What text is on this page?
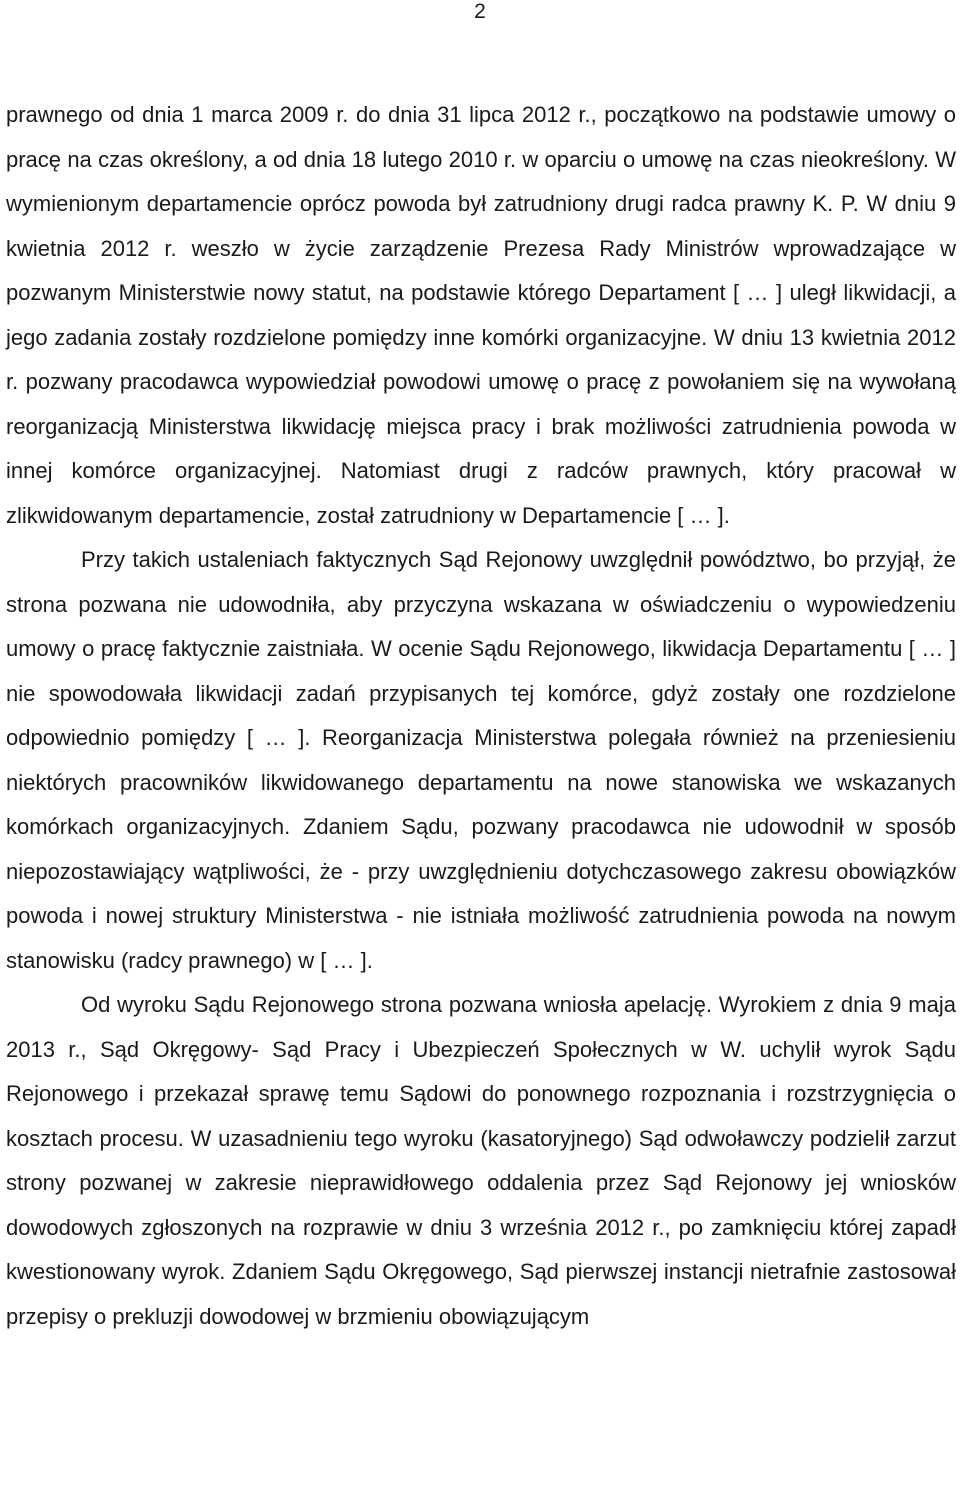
2

prawnego od dnia 1 marca 2009 r. do dnia 31 lipca 2012 r., początkowo na podstawie umowy o pracę na czas określony, a od dnia 18 lutego 2010 r. w oparciu o umowę na czas nieokreślony. W wymienionym departamencie oprócz powoda był zatrudniony drugi radca prawny K. P. W dniu 9 kwietnia 2012 r. weszło w życie zarządzenie Prezesa Rady Ministrów wprowadzające w pozwanym Ministerstwie nowy statut, na podstawie którego Departament [ … ] uległ likwidacji, a jego zadania zostały rozdzielone pomiędzy inne komórki organizacyjne. W dniu 13 kwietnia 2012 r. pozwany pracodawca wypowiedział powodowi umowę o pracę z powołaniem się na wywołaną reorganizacją Ministerstwa likwidację miejsca pracy i brak możliwości zatrudnienia powoda w innej komórce organizacyjnej. Natomiast drugi z radców prawnych, który pracował w zlikwidowanym departamencie, został zatrudniony w Departamencie [ … ].

Przy takich ustaleniach faktycznych Sąd Rejonowy uwzględnił powództwo, bo przyjął, że strona pozwana nie udowodniła, aby przyczyna wskazana w oświadczeniu o wypowiedzeniu umowy o pracę faktycznie zaistniała. W ocenie Sądu Rejonowego, likwidacja Departamentu [ … ] nie spowodowała likwidacji zadań przypisanych tej komórce, gdyż zostały one rozdzielone odpowiednio pomiędzy [ … ]. Reorganizacja Ministerstwa polegała również na przeniesieniu niektórych pracowników likwidowanego departamentu na nowe stanowiska we wskazanych komórkach organizacyjnych. Zdaniem Sądu, pozwany pracodawca nie udowodnił w sposób niepozostawiający wątpliwości, że - przy uwzględnieniu dotychczasowego zakresu obowiązków powoda i nowej struktury Ministerstwa - nie istniała możliwość zatrudnienia powoda na nowym stanowisku (radcy prawnego) w [ … ].

Od wyroku Sądu Rejonowego strona pozwana wniosła apelację. Wyrokiem z dnia 9 maja 2013 r., Sąd Okręgowy- Sąd Pracy i Ubezpieczeń Społecznych w W. uchylił wyrok Sądu Rejonowego i przekazał sprawę temu Sądowi do ponownego rozpoznania i rozstrzygnięcia o kosztach procesu. W uzasadnieniu tego wyroku (kasatoryjnego) Sąd odwoławczy podzielił zarzut strony pozwanej w zakresie nieprawidłowego oddalenia przez Sąd Rejonowy jej wniosków dowodowych zgłoszonych na rozprawie w dniu 3 września 2012 r., po zamknięciu której zapadł kwestionowany wyrok. Zdaniem Sądu Okręgowego, Sąd pierwszej instancji nietrafnie zastosował przepisy o prekluzji dowodowej w brzmieniu obowiązującym
